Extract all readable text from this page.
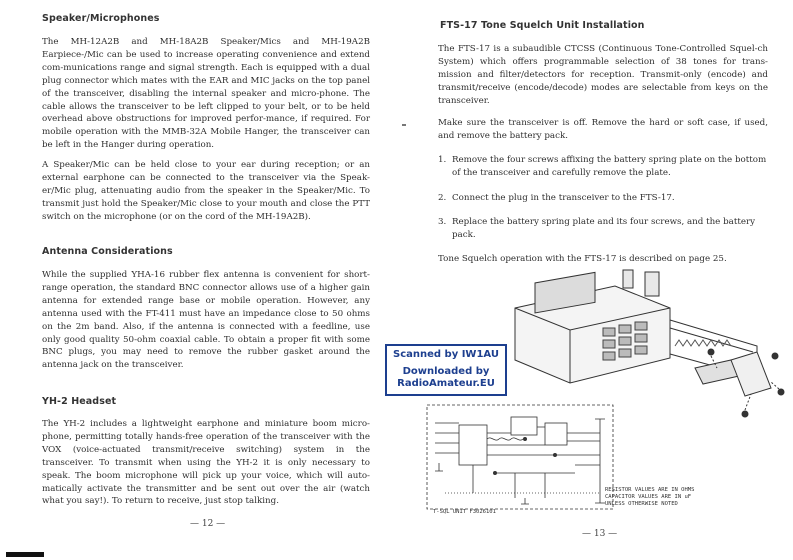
Speaker/Microphones
The MH-12A2B and MH-18A2B Speaker/Mics and MH-19A2B Earpiece-/Mic can be used to increase operating convenience and extend com-munications range and signal strength. Each is equipped with a dual plug connector which mates with the EAR and MIC jacks on the top panel of the transceiver, disabling the internal speaker and micro-phone. The cable allows the transceiver to be left clipped to your belt, or to be held overhead above obstructions for improved perfor-mance, if required. For mobile operation with the MMB-32A Mobile Hanger, the transceiver can be left in the Hanger during operation.
A Speaker/Mic can be held close to your ear during reception; or an external earphone can be connected to the transceiver via the Speak-er/Mic plug, attenuating audio from the speaker in the Speaker/Mic. To transmit just hold the Speaker/Mic close to your mouth and close the PTT switch on the microphone (or on the cord of the MH-19A2B).
Antenna Considerations
While the supplied YHA-16 rubber flex antenna is convenient for short-range operation, the standard BNC connector allows use of a higher gain antenna for extended range base or mobile operation. However, any antenna used with the FT-411 must have an impedance close to 50 ohms on the 2m band. Also, if the antenna is connected with a feedline, use only good quality 50-ohm coaxial cable. To obtain a proper fit with some BNC plugs, you may need to remove the rubber gasket around the antenna jack on the transceiver.
YH-2 Headset
The YH-2 includes a lightweight earphone and miniature boom micro-phone, permitting totally hands-free operation of the transceiver with the VOX (voice-actuated transmit/receive switching) system in the transceiver. To transmit when using the YH-2 it is only necessary to speak. The boom microphone will pick up your voice, which will auto-matically activate the transmitter and be sent out over the air (watch what you say!). To return to receive, just stop talking.
— 12 —
FTS-17 Tone Squelch Unit Installation
The FTS-17 is a subaudible CTCSS (Continuous Tone-Controlled Squel-ch System) which offers programmable selection of 38 tones for trans-mission and filter/detectors for reception. Transmit-only (encode) and transmit/receive (encode/decode) modes are selectable from keys on the transceiver.
Make sure the transceiver is off. Remove the hard or soft case, if used, and remove the battery pack.
1. Remove the four screws affixing the battery spring plate on the bottom of the transceiver and carefully remove the plate.
2. Connect the plug in the transceiver to the FTS-17.
3. Replace the battery spring plate and its four screws, and the battery pack.
Tone Squelch operation with the FTS-17 is described on page 25.
T-SQL UNIT F3026101
RESISTOR VALUES ARE IN OHMS
CAPACITOR VALUES ARE IN uF
UNLESS OTHERWISE NOTED
— 13 —
Scanned by IW1AU
Downloaded by
RadioAmateur.EU
